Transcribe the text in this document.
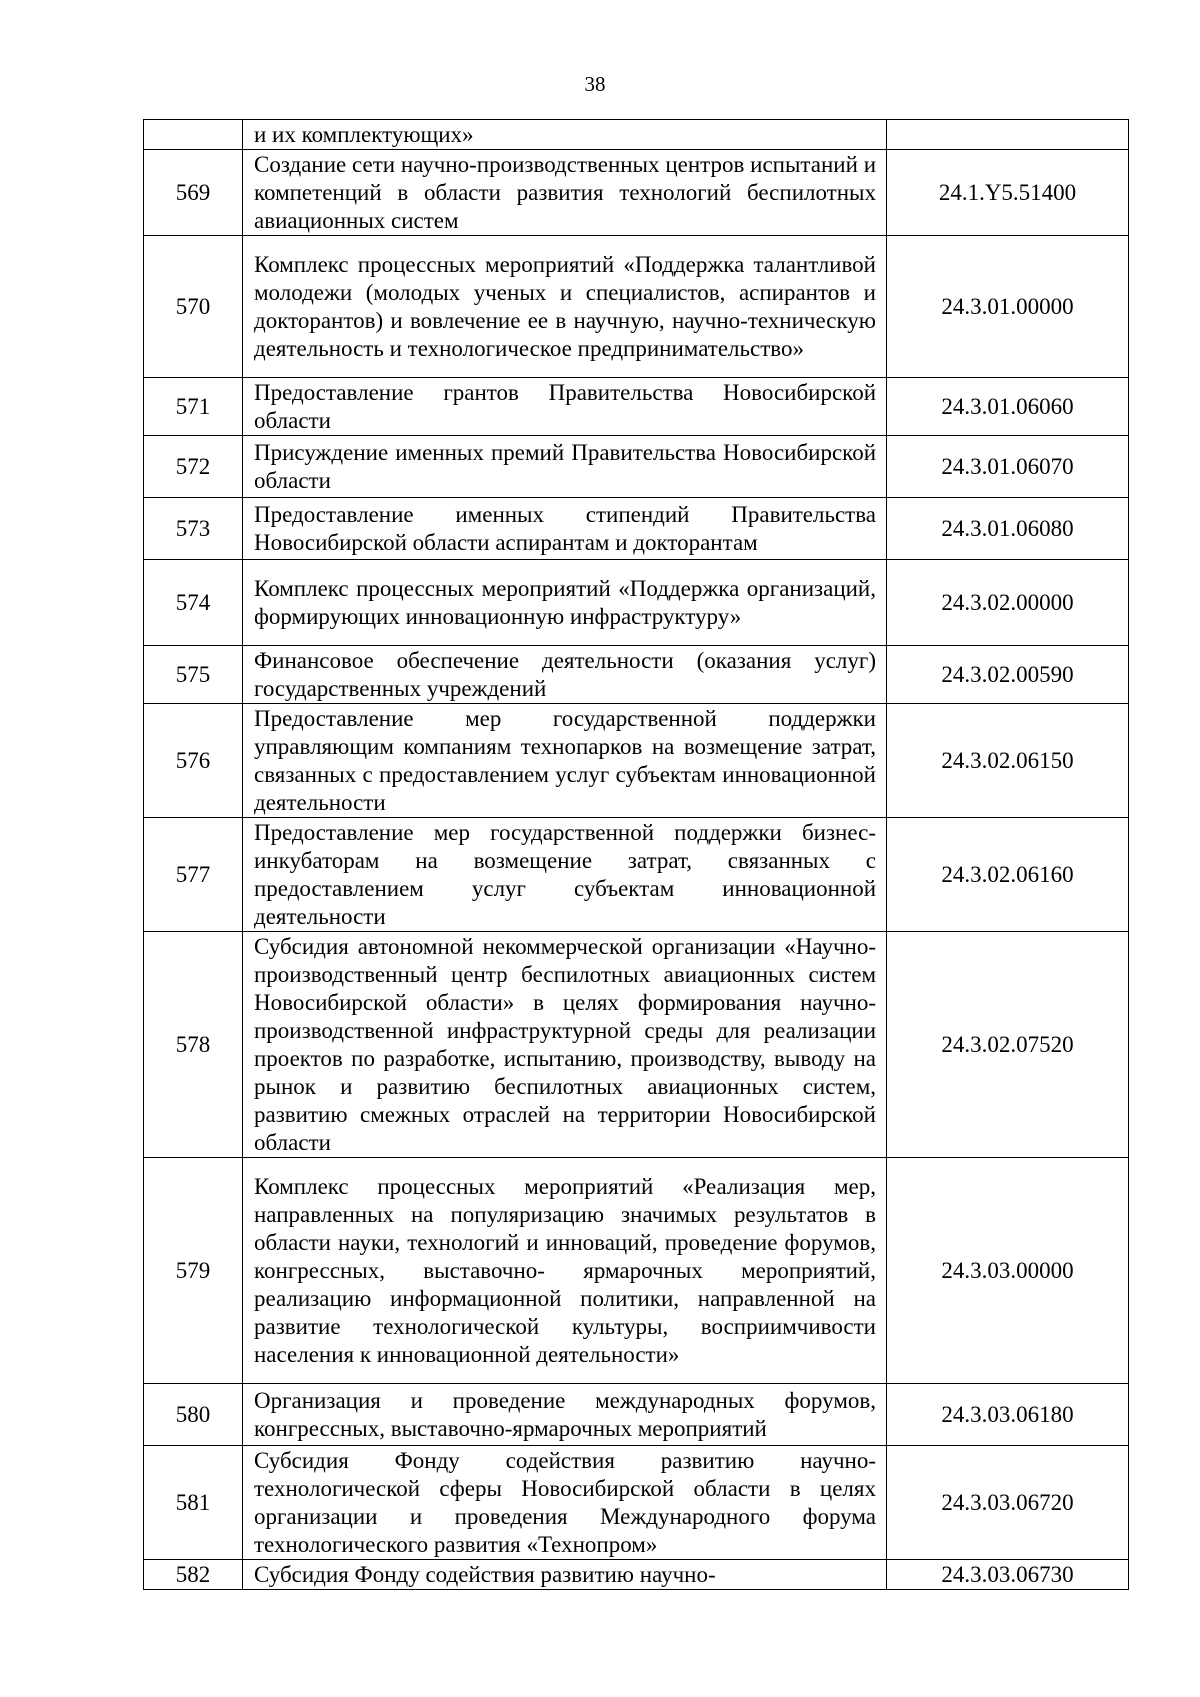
38

	и их комплектующих»	

569	Создание сети научно-производственных центров испытаний и компетенций в области развития технологий беспилотных авиационных систем	24.1.Y5.51400
570	Комплекс процессных мероприятий «Поддержка талантливой молодежи (молодых ученых и специалистов, аспирантов и докторантов) и вовлечение ее в научную, научно-техническую деятельность и технологическое предпринимательство»	24.3.01.00000
571	Предоставление грантов Правительства Новосибирской области	24.3.01.06060
572	Присуждение именных премий Правительства Новосибирской области	24.3.01.06070
573	Предоставление именных стипендий Правительства Новосибирской области аспирантам и докторантам	24.3.01.06080
574	Комплекс процессных мероприятий «Поддержка организаций, формирующих инновационную инфраструктуру»	24.3.02.00000
575	Финансовое обеспечение деятельности (оказания услуг) государственных учреждений	24.3.02.00590
576	Предоставление мер государственной поддержки управляющим компаниям технопарков на возмещение затрат, связанных с предоставлением услуг субъектам инновационной деятельности	24.3.02.06150
577	Предоставление мер государственной поддержки бизнес-инкубаторам на возмещение затрат, связанных с предоставлением услуг субъектам инновационной деятельности	24.3.02.06160
578	Субсидия автономной некоммерческой организации «Научно-производственный центр беспилотных авиационных систем Новосибирской области» в целях формирования научно-производственной инфраструктурной среды для реализации проектов по разработке, испытанию, производству, выводу на рынок и развитию беспилотных авиационных систем, развитию смежных отраслей на территории Новосибирской области	24.3.02.07520
579	Комплекс процессных мероприятий «Реализация мер, направленных на популяризацию значимых результатов в области науки, технологий и инноваций, проведение форумов, конгрессных, выставочно- ярмарочных мероприятий, реализацию информационной политики, направленной на развитие технологической культуры, восприимчивости населения к инновационной деятельности»	24.3.03.00000
580	Организация и проведение международных форумов, конгрессных, выставочно-ярмарочных мероприятий	24.3.03.06180
581	Субсидия Фонду содействия развитию научно-технологической сферы Новосибирской области в целях организации и проведения Международного форума технологического развития «Технопром»	24.3.03.06720
582	Субсидия Фонду содействия развитию научно-	24.3.03.06730
